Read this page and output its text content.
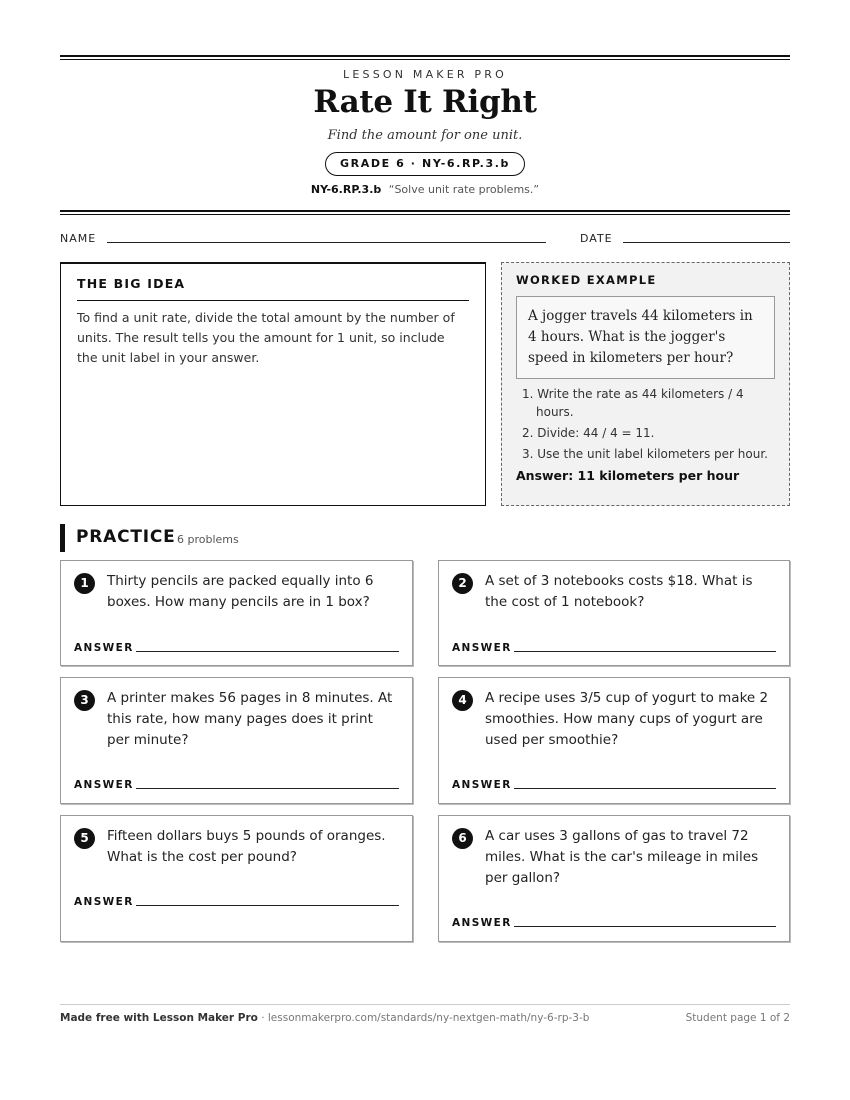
LESSON MAKER PRO
Rate It Right
Find the amount for one unit.
GRADE 6 · NY-6.RP.3.b
NY-6.RP.3.b “Solve unit rate problems.”
NAME	DATE
THE BIG IDEA
To find a unit rate, divide the total amount by the number of units. The result tells you the amount for 1 unit, so include the unit label in your answer.
WORKED EXAMPLE
A jogger travels 44 kilometers in 4 hours. What is the jogger's speed in kilometers per hour?
1. Write the rate as 44 kilometers / 4 hours.
2. Divide: 44 / 4 = 11.
3. Use the unit label kilometers per hour.
Answer: 11 kilometers per hour
PRACTICE 6 problems
1	Thirty pencils are packed equally into 6 boxes. How many pencils are in 1 box?
ANSWER
2	A set of 3 notebooks costs $18. What is the cost of 1 notebook?
ANSWER
3	A printer makes 56 pages in 8 minutes. At this rate, how many pages does it print per minute?
ANSWER
4	A recipe uses 3/5 cup of yogurt to make 2 smoothies. How many cups of yogurt are used per smoothie?
ANSWER
5	Fifteen dollars buys 5 pounds of oranges. What is the cost per pound?
ANSWER
6	A car uses 3 gallons of gas to travel 72 miles. What is the car's mileage in miles per gallon?
ANSWER
Made free with Lesson Maker Pro · lessonmakerpro.com/standards/ny-nextgen-math/ny-6-rp-3-b	Student page 1 of 2
